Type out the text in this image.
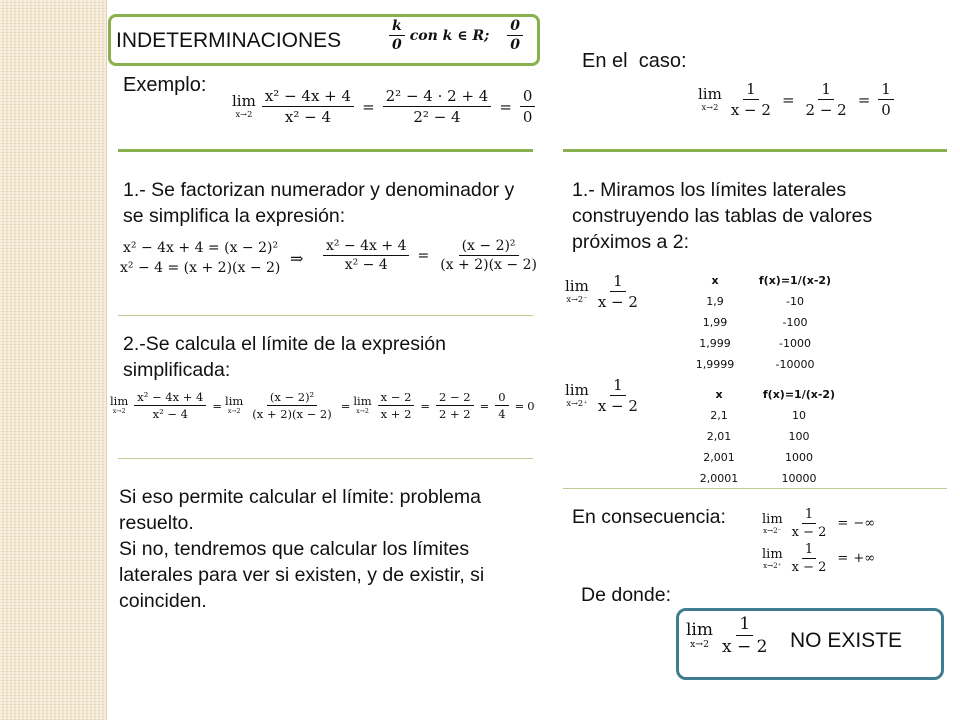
INDETERMINACIONES	$\frac{k}{0}$ con k ∈ R; $\frac{0}{0}$
Exemplo:
lim
$x\to 2 \frac{\text{x² − 4x + 4}}{\text{x² − 4}} = \frac{\text{2² − 4 · 2 + 4}}{\text{2² − 4}} = \frac{0}{0}$
1.- Se factorizan numerador y denominador y se simplifica la expresión:
x² − 4x + 4 = (x − 2)²
x² − 4 = (x + 2)(x − 2) ⇒ $\frac{\text{x² − 4x + 4}}{\text{x² − 4}} = \frac{\text{(x − 2)²}}{(x + 2)(x - 2)}$
2.-Se calcula el límite de la expresión simplificada:
lim
$x\to 2 \frac{\text{x² − 4x + 4}}{\text{x² − 4}} = \lim$
$x\to 2 \frac{\text{(x − 2)²}}{(x + 2)(x - 2)} = \lim$
$x\to 2 \frac{x - 2}{x + 2} = \frac{2 - 2}{2 + 2} = \frac{0}{4} = 0$
Si eso permite calcular el límite: problema resuelto.
Si no, tendremos que calcular los límites laterales para ver si existen, y de existir, si coinciden.
En el  caso:
lim
$x\to 2 \frac{1}{x - 2} = \frac{1}{2 - 2} = \frac{1}{0}$
1.- Miramos los límites laterales construyendo las tablas de valores próximos a 2:
lim
$x\to 2^- \frac{1}{x - 2}$	x	f(x)=1/(x-2)
1,9	-10
1,99	-100
1,999	-1000
1,9999	-10000
lim
$x\to 2^+ \frac{1}{x - 2}$	x	f(x)=1/(x-2)
2,1	10
2,01	100
2,001	1000
2,0001	10000
En consecuencia:	lim
$x\to 2^- \frac{1}{x - 2}$ = −∞
lim
$x\to 2^+ \frac{1}{x - 2}$ = +∞
De donde:
lim
$x\to 2 \frac{1}{x - 2}$ NO EXISTE
